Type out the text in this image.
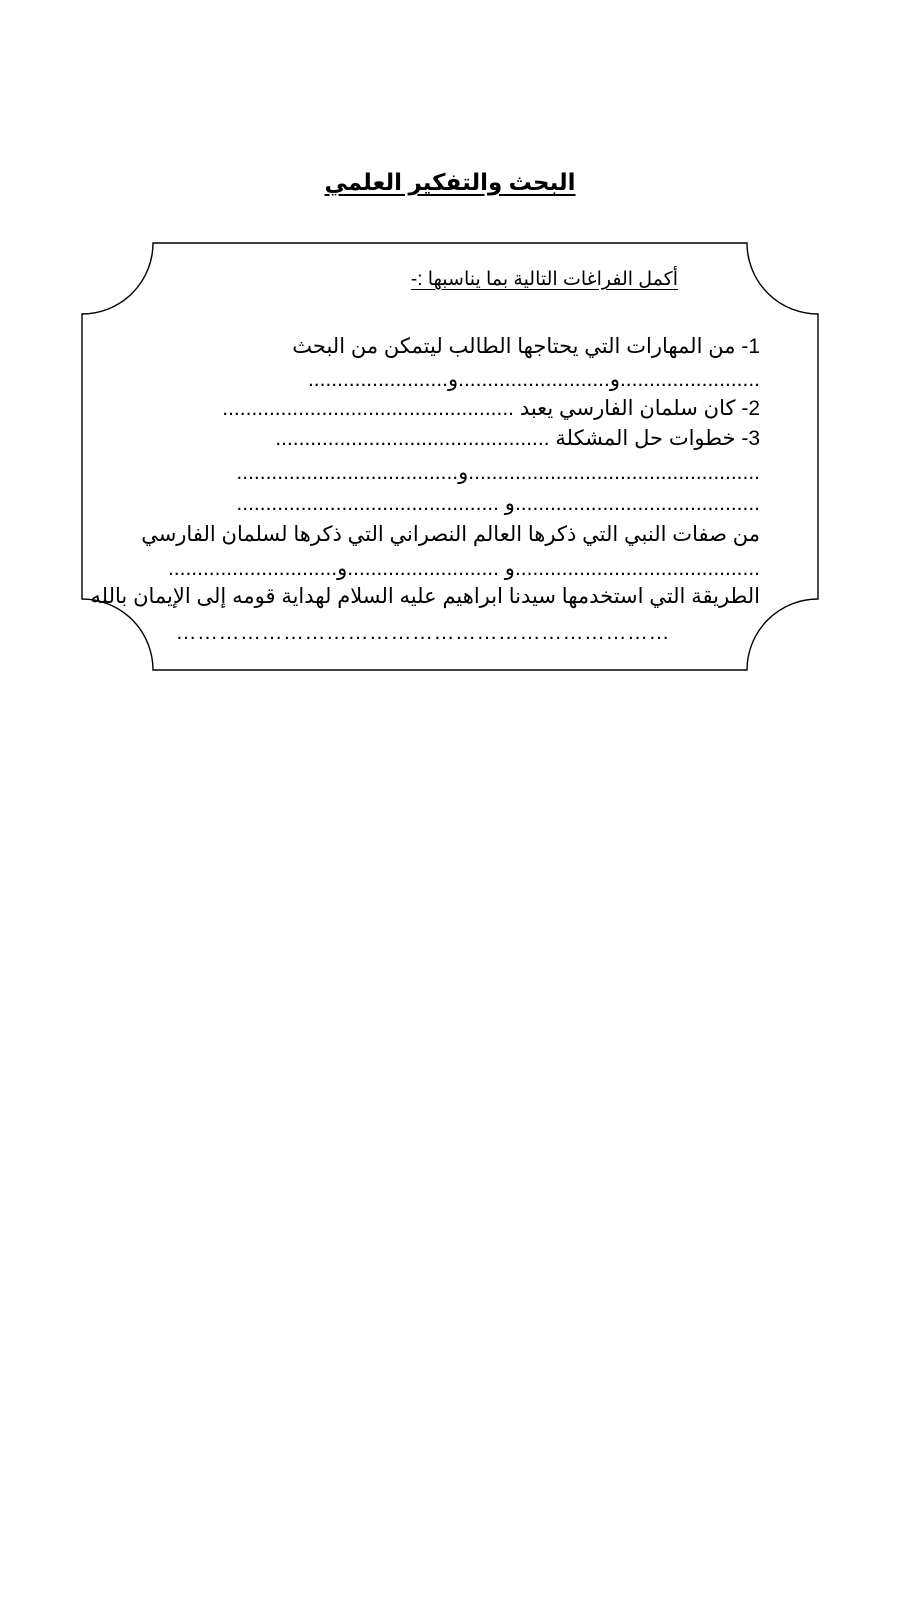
البحث والتفكير العلمي
أكمل الفراغات التالية بما يناسبها :-
1- من المهارات التي يحتاجها الطالب ليتمكن من البحث
........................و..........................و........................
2- كان سلمان الفارسي يعبد ..................................................
3- خطوات حل المشكلة ...............................................
..................................................و......................................
..........................................و .............................................
من صفات النبي التي ذكرها العالم النصراني التي ذكرها لسلمان الفارسي
..........................................و ..........................و.............................
الطريقة التي استخدمها سيدنا ابراهيم عليه السلام لهداية قومه إلى الإيمان بالله
……………………………………………………………
